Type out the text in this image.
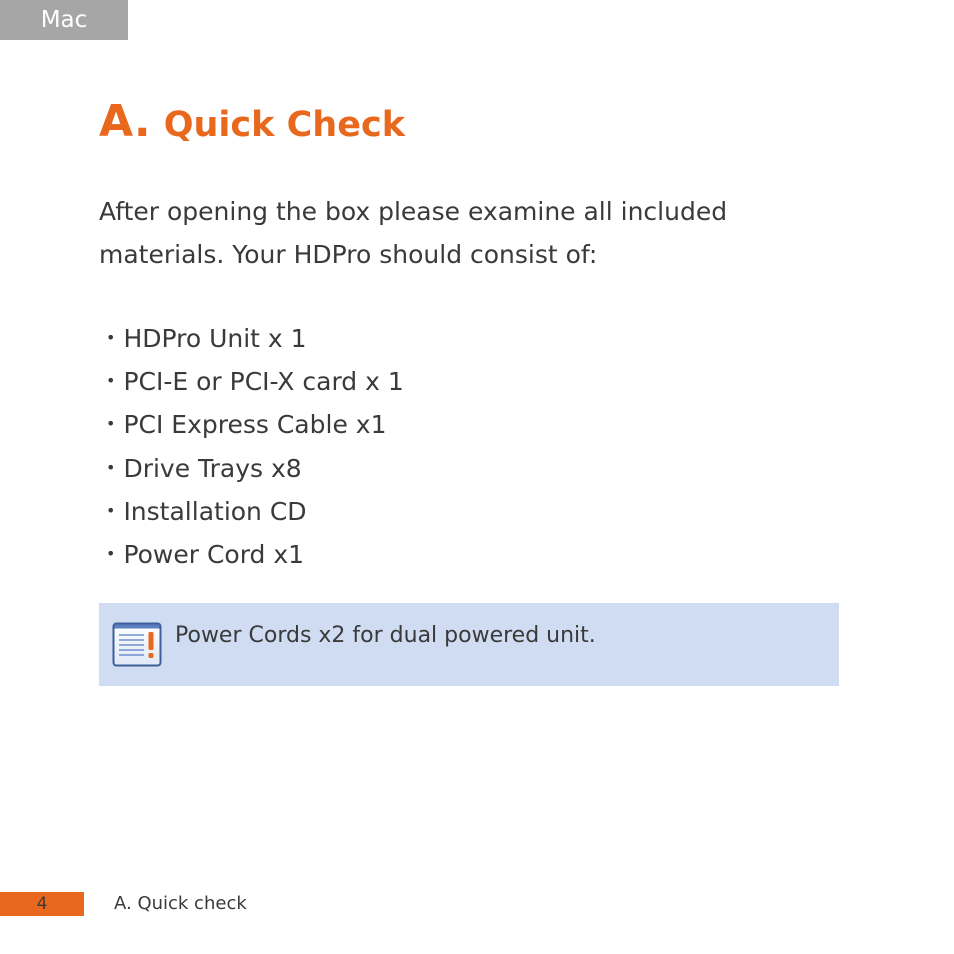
Mac
A. Quick Check

After opening the box please examine all included materials. Your HDPro should consist of:

• HDPro Unit x 1
• PCI-E or PCI-X card x 1
• PCI Express Cable x1
• Drive Trays x8
• Installation CD
• Power Cord x1
Power Cords x2 for dual powered unit.
4	A. Quick check
